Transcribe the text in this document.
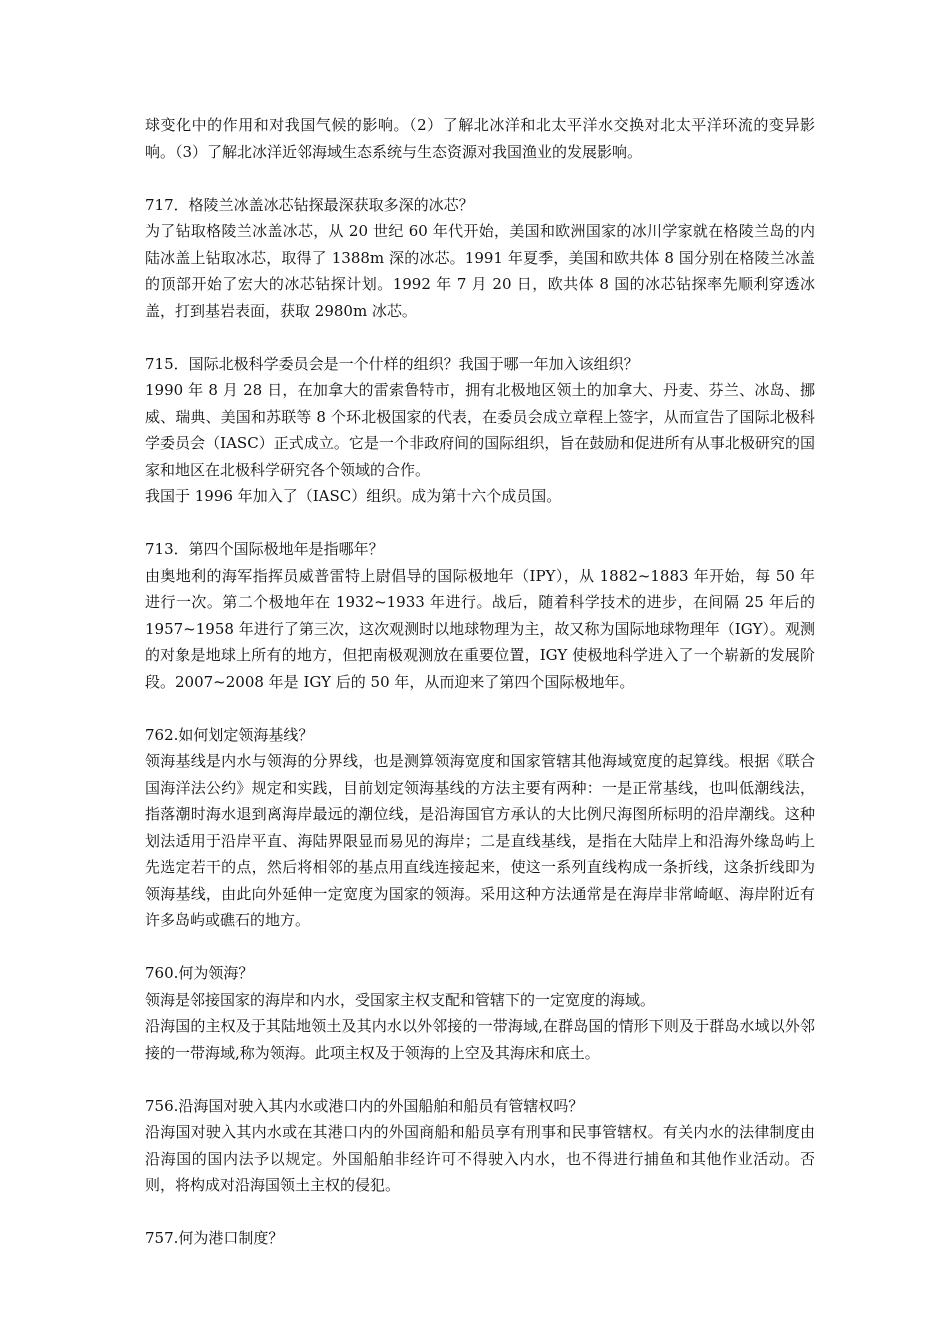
球变化中的作用和对我国气候的影响。（2）了解北冰洋和北太平洋水交换对北太平洋环流的变异影响。（3）了解北冰洋近邻海域生态系统与生态资源对我国渔业的发展影响。

717．格陵兰冰盖冰芯钻探最深获取多深的冰芯？

为了钻取格陵兰冰盖冰芯，从 20 世纪 60 年代开始，美国和欧洲国家的冰川学家就在格陵兰岛的内陆冰盖上钻取冰芯，取得了 1388m 深的冰芯。1991 年夏季，美国和欧共体 8 国分别在格陵兰冰盖的顶部开始了宏大的冰芯钻探计划。1992 年 7 月 20 日，欧共体 8 国的冰芯钻探率先顺利穿透冰盖，打到基岩表面，获取 2980m 冰芯。

715．国际北极科学委员会是一个什样的组织？我国于哪一年加入该组织？

1990 年 8 月 28 日，在加拿大的雷索鲁特市，拥有北极地区领土的加拿大、丹麦、芬兰、冰岛、挪威、瑞典、美国和苏联等 8 个环北极国家的代表，在委员会成立章程上签字，从而宣告了国际北极科学委员会（IASC）正式成立。它是一个非政府间的国际组织，旨在鼓励和促进所有从事北极研究的国家和地区在北极科学研究各个领域的合作。

我国于 1996 年加入了（IASC）组织。成为第十六个成员国。

713．第四个国际极地年是指哪年？

由奥地利的海军指挥员威普雷特上尉倡导的国际极地年（IPY），从 1882~1883 年开始，每 50 年进行一次。第二个极地年在 1932~1933 年进行。战后，随着科学技术的进步，在间隔 25 年后的 1957~1958 年进行了第三次，这次观测时以地球物理为主，故又称为国际地球物理年（IGY）。观测的对象是地球上所有的地方，但把南极观测放在重要位置，IGY 使极地科学进入了一个崭新的发展阶段。2007~2008 年是 IGY 后的 50 年，从而迎来了第四个国际极地年。

762.如何划定领海基线？

领海基线是内水与领海的分界线，也是测算领海宽度和国家管辖其他海域宽度的起算线。根据《联合国海洋法公约》规定和实践，目前划定领海基线的方法主要有两种：一是正常基线，也叫低潮线法，指落潮时海水退到离海岸最远的潮位线，是沿海国官方承认的大比例尺海图所标明的沿岸潮线。这种划法适用于沿岸平直、海陆界限显而易见的海岸；二是直线基线，是指在大陆岸上和沿海外缘岛屿上先选定若干的点，然后将相邻的基点用直线连接起来，使这一系列直线构成一条折线，这条折线即为领海基线，由此向外延伸一定宽度为国家的领海。采用这种方法通常是在海岸非常崎岖、海岸附近有许多岛屿或礁石的地方。

760.何为领海？

领海是邻接国家的海岸和内水，受国家主权支配和管辖下的一定宽度的海域。

沿海国的主权及于其陆地领土及其内水以外邻接的一带海域,在群岛国的情形下则及于群岛水域以外邻接的一带海域,称为领海。此项主权及于领海的上空及其海床和底土。

756.沿海国对驶入其内水或港口内的外国船舶和船员有管辖权吗？

沿海国对驶入其内水或在其港口内的外国商船和船员享有刑事和民事管辖权。有关内水的法律制度由沿海国的国内法予以规定。外国船舶非经许可不得驶入内水，也不得进行捕鱼和其他作业活动。否则，将构成对沿海国领土主权的侵犯。

757.何为港口制度？
